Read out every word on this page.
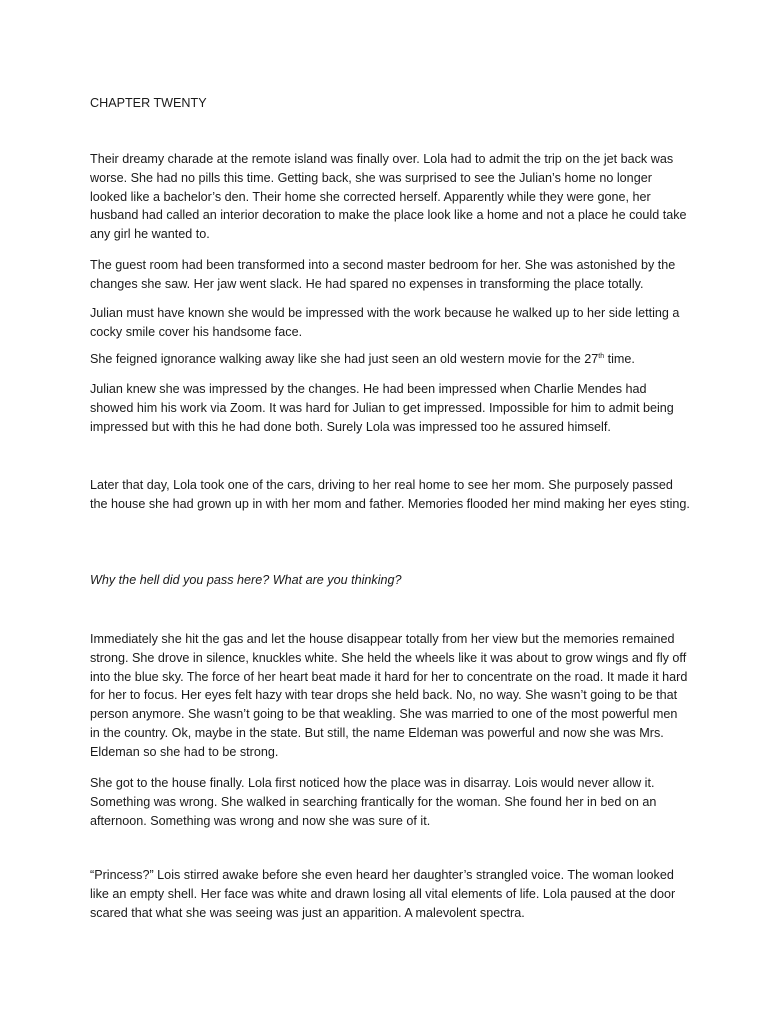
CHAPTER TWENTY

Their dreamy charade at the remote island was finally over. Lola had to admit the trip on the jet back was worse. She had no pills this time. Getting back, she was surprised to see the Julian’s home no longer looked like a bachelor’s den. Their home she corrected herself. Apparently while they were gone, her husband had called an interior decoration to make the place look like a home and not a place he could take any girl he wanted to.

The guest room had been transformed into a second master bedroom for her. She was astonished by the changes she saw. Her jaw went slack. He had spared no expenses in transforming the place totally.

Julian must have known she would be impressed with the work because he walked up to her side letting a cocky smile cover his handsome face.

She feigned ignorance walking away like she had just seen an old western movie for the 27th time.

Julian knew she was impressed by the changes. He had been impressed when Charlie Mendes had showed him his work via Zoom. It was hard for Julian to get impressed. Impossible for him to admit being impressed but with this he had done both. Surely Lola was impressed too he assured himself.

Later that day, Lola took one of the cars, driving to her real home to see her mom. She purposely passed the house she had grown up in with her mom and father. Memories flooded her mind making her eyes sting.

Why the hell did you pass here? What are you thinking?

Immediately she hit the gas and let the house disappear totally from her view but the memories remained strong. She drove in silence, knuckles white. She held the wheels like it was about to grow wings and fly off into the blue sky. The force of her heart beat made it hard for her to concentrate on the road. It made it hard for her to focus. Her eyes felt hazy with tear drops she held back. No, no way. She wasn’t going to be that person anymore. She wasn’t going to be that weakling. She was married to one of the most powerful men in the country. Ok, maybe in the state. But still, the name Eldeman was powerful and now she was Mrs. Eldeman so she had to be strong.

She got to the house finally. Lola first noticed how the place was in disarray. Lois would never allow it. Something was wrong. She walked in searching frantically for the woman. She found her in bed on an afternoon. Something was wrong and now she was sure of it.

“Princess?” Lois stirred awake before she even heard her daughter’s strangled voice. The woman looked like an empty shell. Her face was white and drawn losing all vital elements of life. Lola paused at the door scared that what she was seeing was just an apparition. A malevolent spectra.
